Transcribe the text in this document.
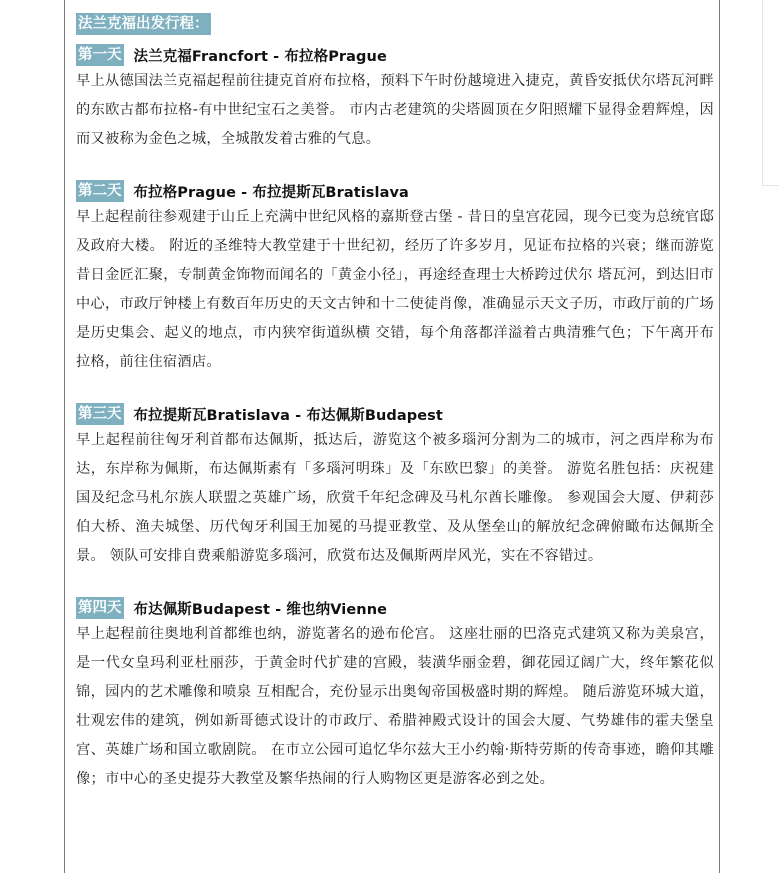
法兰克福出发行程：
第一天 法兰克福Francfort - 布拉格Prague

早上从德国法兰克福起程前往捷克首府布拉格，预料下午时份越境进入捷克，黄昏安抵伏尔塔瓦河畔的东欧古都布拉格-有中世纪宝石之美誉。 市内古老建筑的尖塔圆顶在夕阳照耀下显得金碧辉煌，因而又被称为金色之城，全城散发着古雅的气息。

第二天 布拉格Prague - 布拉提斯瓦Bratislava

早上起程前往参观建于山丘上充满中世纪风格的嘉斯登古堡 - 昔日的皇宫花园，现今已变为总统官邸及政府大楼。 附近的圣维特大教堂建于十世纪初，经历了许多岁月，见证布拉格的兴衰；继而游览昔日金匠汇聚，专制黄金饰物而闻名的「黄金小径」，再途经查理士大桥跨过伏尔 塔瓦河，到达旧市中心，市政厅钟楼上有数百年历史的天文古钟和十二使徒肖像，准确显示天文子历，市政厅前的广场是历史集会、起义的地点，市内狭窄街道纵横 交错，每个角落都洋溢着古典清雅气色；下午离开布拉格，前往住宿酒店。

第三天 布拉提斯瓦Bratislava - 布达佩斯Budapest

早上起程前往匈牙利首都布达佩斯，抵达后，游览这个被多瑙河分割为二的城市，河之西岸称为布达，东岸称为佩斯，布达佩斯素有「多瑙河明珠」及「东欧巴黎」的美誉。 游览名胜包括：庆祝建国及纪念马札尔族人联盟之英雄广场，欣赏千年纪念碑及马札尔酋长雕像。 参观国会大厦、伊莉莎伯大桥、渔夫城堡、历代匈牙利国王加冕的马提亚教堂、及从堡垒山的解放纪念碑俯瞰布达佩斯全景。 领队可安排自费乘船游览多瑙河，欣赏布达及佩斯两岸风光，实在不容错过。

第四天 布达佩斯Budapest - 维也纳Vienne

早上起程前往奥地利首都维也纳，游览著名的逊布伦宫。 这座壮丽的巴洛克式建筑又称为美泉宫，是一代女皇玛利亚杜丽莎，于黄金时代扩建的宫殿，装潢华丽金碧，御花园辽阔广大，终年繁花似锦，园内的艺术雕像和喷泉 互相配合，充份显示出奥匈帝国极盛时期的辉煌。 随后游览环城大道，壮观宏伟的建筑，例如新哥德式设计的市政厅、希腊神殿式设计的国会大厦、气势雄伟的霍夫堡皇宫、英雄广场和国立歌剧院。 在市立公园可追忆华尔兹大王小约翰·斯特劳斯的传奇事迹，瞻仰其雕像；市中心的圣史提芬大教堂及繁华热闹的行人购物区更是游客必到之处。
